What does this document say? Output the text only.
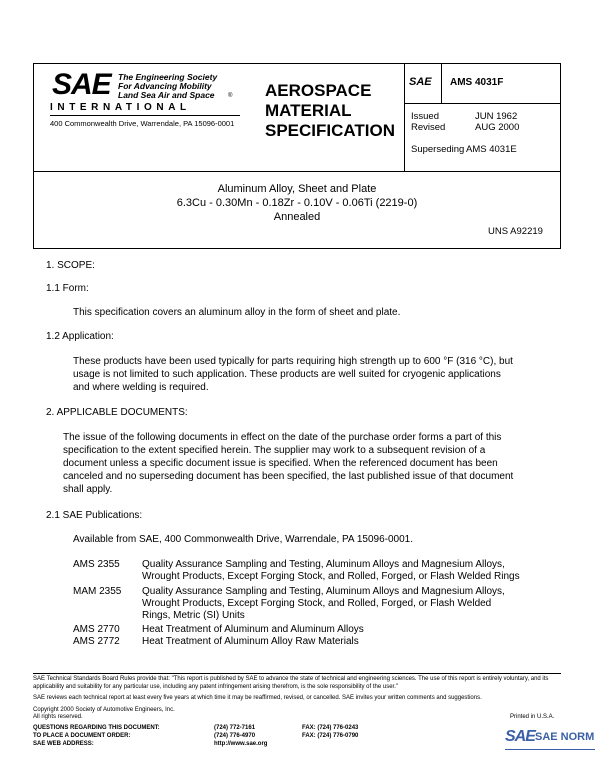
SAE The Engineering Society
For Advancing Mobility
Land Sea Air and Space ®
INTERNATIONAL
400 Commonwealth Drive, Warrendale, PA 15096-0001
AEROSPACE
MATERIAL
SPECIFICATION
SAE AMS 4031F
Issued	JUN 1962
Revised	AUG 2000
Superseding AMS 4031E
Aluminum Alloy, Sheet and Plate
6.3Cu - 0.30Mn - 0.18Zr - 0.10V - 0.06Ti (2219-0)
Annealed
UNS A92219
1. SCOPE:
1.1 Form:
This specification covers an aluminum alloy in the form of sheet and plate.
1.2 Application:
These products have been used typically for parts requiring high strength up to 600 °F (316 °C), but
usage is not limited to such application. These products are well suited for cryogenic applications
and where welding is required.
2. APPLICABLE DOCUMENTS:
The issue of the following documents in effect on the date of the purchase order forms a part of this
specification to the extent specified herein. The supplier may work to a subsequent revision of a
document unless a specific document issue is specified. When the referenced document has been
canceled and no superseding document has been specified, the last published issue of that document
shall apply.
2.1 SAE Publications:
Available from SAE, 400 Commonwealth Drive, Warrendale, PA 15096-0001.
AMS 2355 Quality Assurance Sampling and Testing, Aluminum Alloys and Magnesium Alloys,
Wrought Products, Except Forging Stock, and Rolled, Forged, or Flash Welded Rings
MAM 2355 Quality Assurance Sampling and Testing, Aluminum Alloys and Magnesium Alloys,
Wrought Products, Except Forging Stock, and Rolled, Forged, or Flash Welded
Rings, Metric (SI) Units
AMS 2770 Heat Treatment of Aluminum and Aluminum Alloys
AMS 2772 Heat Treatment of Aluminum Alloy Raw Materials
SAE Technical Standards Board Rules provide that: "This report is published by SAE to advance the state of technical and engineering sciences. The use of this report is entirely voluntary, and its applicability and suitability for any particular use, including any patent infringement arising therefrom, is the sole responsibility of the user."
SAE reviews each technical report at least every five years at which time it may be reaffirmed, revised, or cancelled. SAE invites your written comments and suggestions.
Copyright 2000 Society of Automotive Engineers, Inc.
All rights reserved.	Printed in U.S.A.
QUESTIONS REGARDING THIS DOCUMENT:	(724) 772-7161	FAX: (724) 776-0243
TO PLACE A DOCUMENT ORDER:	(724) 776-4970	FAX: (724) 776-0790
SAE WEB ADDRESS:	http://www.sae.org	SAE SAE NORM
